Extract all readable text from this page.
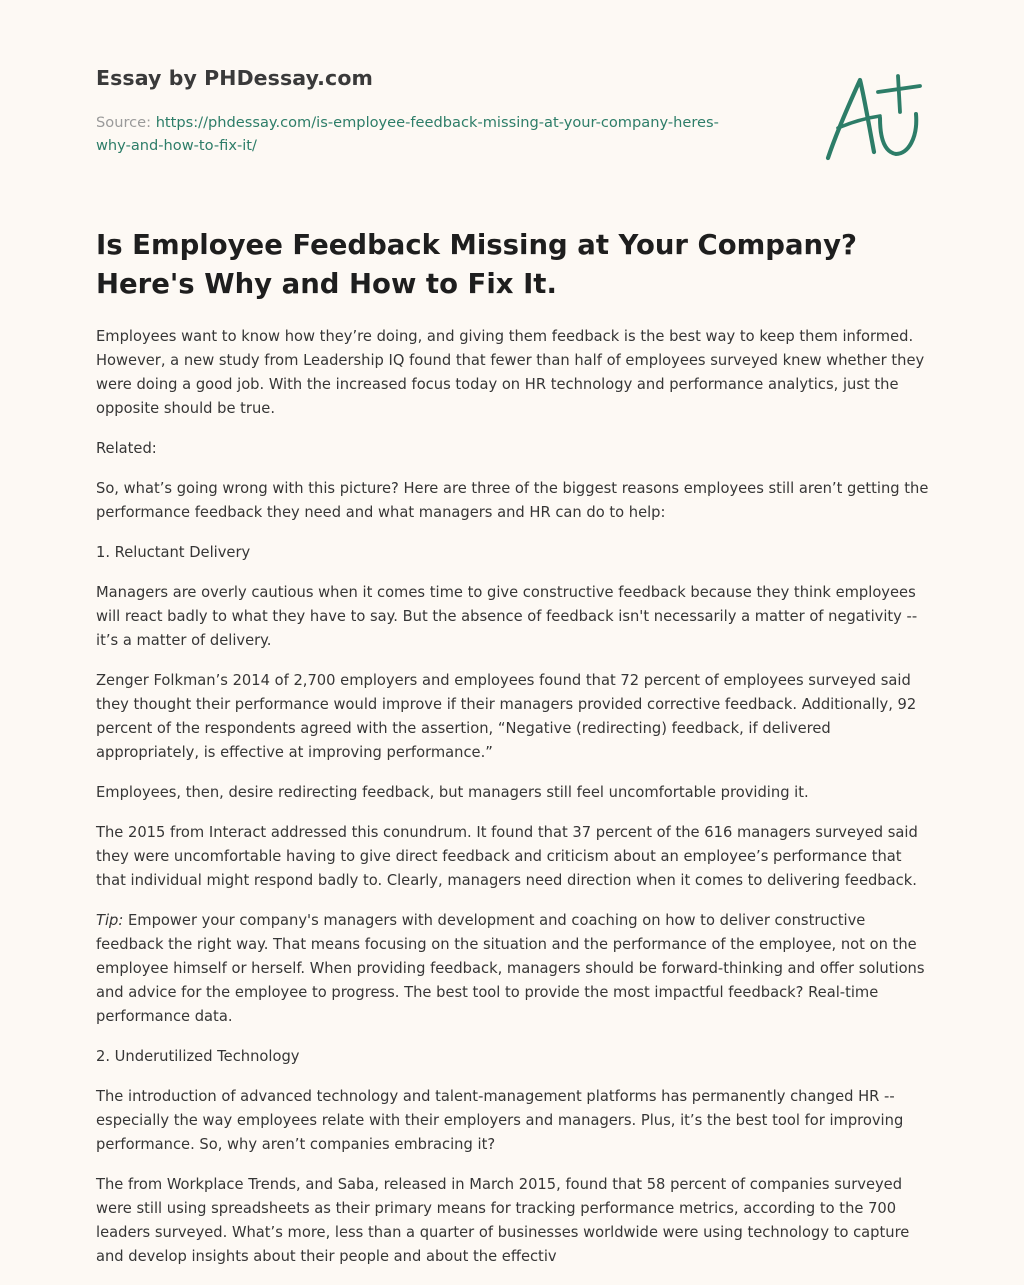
Essay by PHDessay.com
Source: https://phdessay.com/is-employee-feedback-missing-at-your-company-heres-
why-and-how-to-fix-it/
Is Employee Feedback Missing at Your Company? Here's Why and How to Fix It.

Employees want to know how they’re doing, and giving them feedback is the best way to keep them informed. However, a new study from Leadership IQ found that fewer than half of employees surveyed knew whether they were doing a good job. With the increased focus today on HR technology and performance analytics, just the opposite should be true.

Related:

So, what’s going wrong with this picture? Here are three of the biggest reasons employees still aren’t getting the performance feedback they need and what managers and HR can do to help:

1. Reluctant Delivery

Managers are overly cautious when it comes time to give constructive feedback because they think employees will react badly to what they have to say. But the absence of feedback isn't necessarily a matter of negativity -- it’s a matter of delivery.

Zenger Folkman’s 2014 of 2,700 employers and employees found that 72 percent of employees surveyed said they thought their performance would improve if their managers provided corrective feedback. Additionally, 92 percent of the respondents agreed with the assertion, “Negative (redirecting) feedback, if delivered appropriately, is effective at improving performance.”

Employees, then, desire redirecting feedback, but managers still feel uncomfortable providing it.

The 2015 from Interact addressed this conundrum. It found that 37 percent of the 616 managers surveyed said they were uncomfortable having to give direct feedback and criticism about an employee’s performance that that individual might respond badly to. Clearly, managers need direction when it comes to delivering feedback.

Tip: Empower your company's managers with development and coaching on how to deliver constructive feedback the right way. That means focusing on the situation and the performance of the employee, not on the employee himself or herself. When providing feedback, managers should be forward-thinking and offer solutions and advice for the employee to progress. The best tool to provide the most impactful feedback? Real-time performance data.

2. Underutilized Technology

The introduction of advanced technology and talent-management platforms has permanently changed HR -- especially the way employees relate with their employers and managers. Plus, it’s the best tool for improving performance. So, why aren’t companies embracing it?

The from Workplace Trends, and Saba, released in March 2015, found that 58 percent of companies surveyed were still using spreadsheets as their primary means for tracking performance metrics, according to the 700 leaders surveyed. What’s more, less than a quarter of businesses worldwide were using technology to capture and develop insights about their people and about the effectiv
